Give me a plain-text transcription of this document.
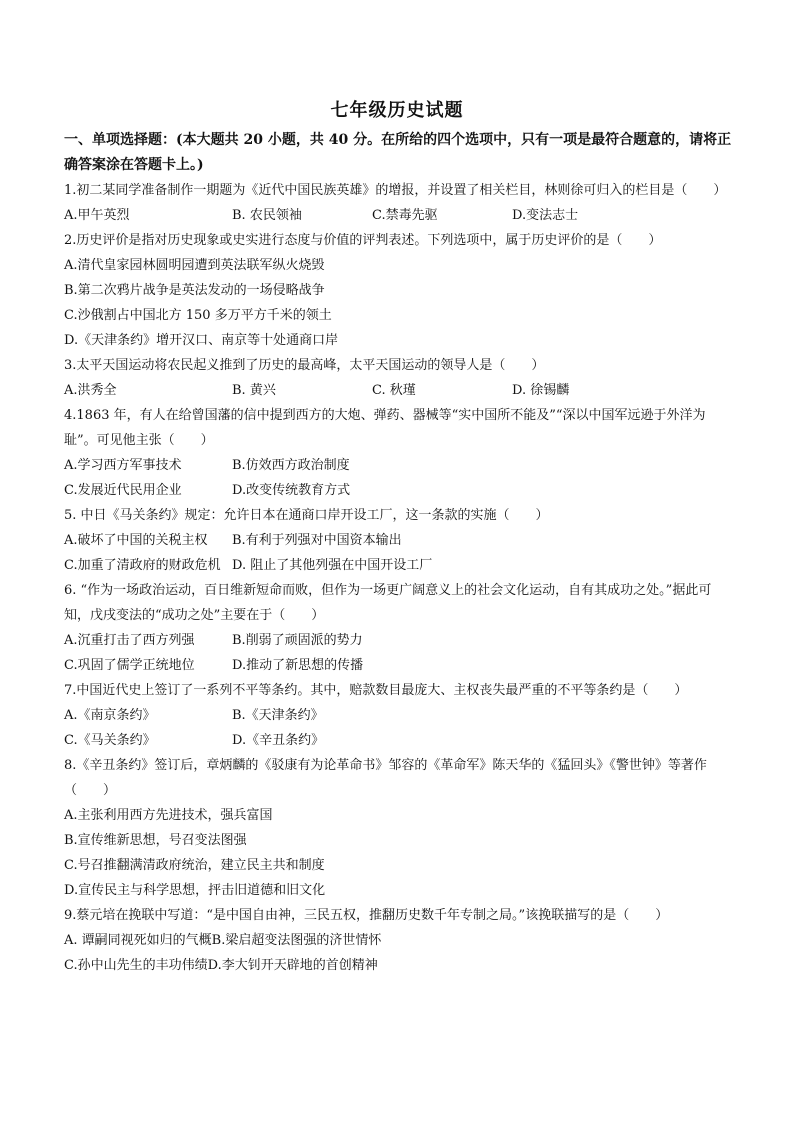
七年级历史试题

一、单项选择题：(本大题共 20 小题，共 40 分。在所给的四个选项中，只有一项是最符合题意的，请将正确答案涂在答题卡上。)

1.初二某同学准备制作一期题为《近代中国民族英雄》的增报，并设置了相关栏目，林则徐可归入的栏目是（　　）

A.甲午英烈	B. 农民领袖	C.禁毒先驱	D.变法志士

2.历史评价是指对历史现象或史实进行态度与价值的评判表述。下列选项中，属于历史评价的是（　　）

A.清代皇家园林圆明园遭到英法联军纵火烧毁
B.第二次鸦片战争是英法发动的一场侵略战争
C.沙俄割占中国北方 150 多万平方千米的领土
D.《天津条约》增开汉口、南京等十处通商口岸

3.太平天国运动将农民起义推到了历史的最高峰，太平天国运动的领导人是（　　）

A.洪秀全	B. 黄兴	C. 秋瑾	D. 徐锡麟

4.1863 年，有人在给曾国藩的信中提到西方的大炮、弹药、器械等“实中国所不能及”“深以中国军远逊于外洋为耻”。可见他主张（　　）

A.学习西方军事技术	B.仿效西方政治制度
C.发展近代民用企业	D.改变传统教育方式

5. 中日《马关条约》规定：允许日本在通商口岸开设工厂，这一条款的实施（　　）

A.破坏了中国的关税主权	B.有利于列强对中国资本输出
C.加重了清政府的财政危机 D. 阻止了其他列强在中国开设工厂

6. “作为一场政治运动，百日维新短命而败，但作为一场更广阔意义上的社会文化运动，自有其成功之处。”据此可知，戊戌变法的“成功之处”主要在于（　　）

A.沉重打击了西方列强	B.削弱了顽固派的势力
C.巩固了儒学正统地位	D.推动了新思想的传播

7.中国近代史上签订了一系列不平等条约。其中，赔款数目最庞大、主权丧失最严重的不平等条约是（　　）

A.《南京条约》	B.《天津条约》
C.《马关条约》	D.《辛丑条约》

8.《辛丑条约》签订后，章炳麟的《驳康有为论革命书》邹容的《革命军》陈天华的《猛回头》《警世钟》等著作（　　）

A.主张利用西方先进技术，强兵富国
B.宣传维新思想，号召变法图强
C.号召推翻满清政府统治，建立民主共和制度
D.宣传民主与科学思想，抨击旧道德和旧文化

9.蔡元培在挽联中写道：“是中国自由神，三民五权，推翻历史数千年专制之局。”该挽联描写的是（　　）

A. 谭嗣同视死如归的气概 B.梁启超变法图强的济世情怀
C.孙中山先生的丰功伟绩 D.李大钊开天辟地的首创精神
